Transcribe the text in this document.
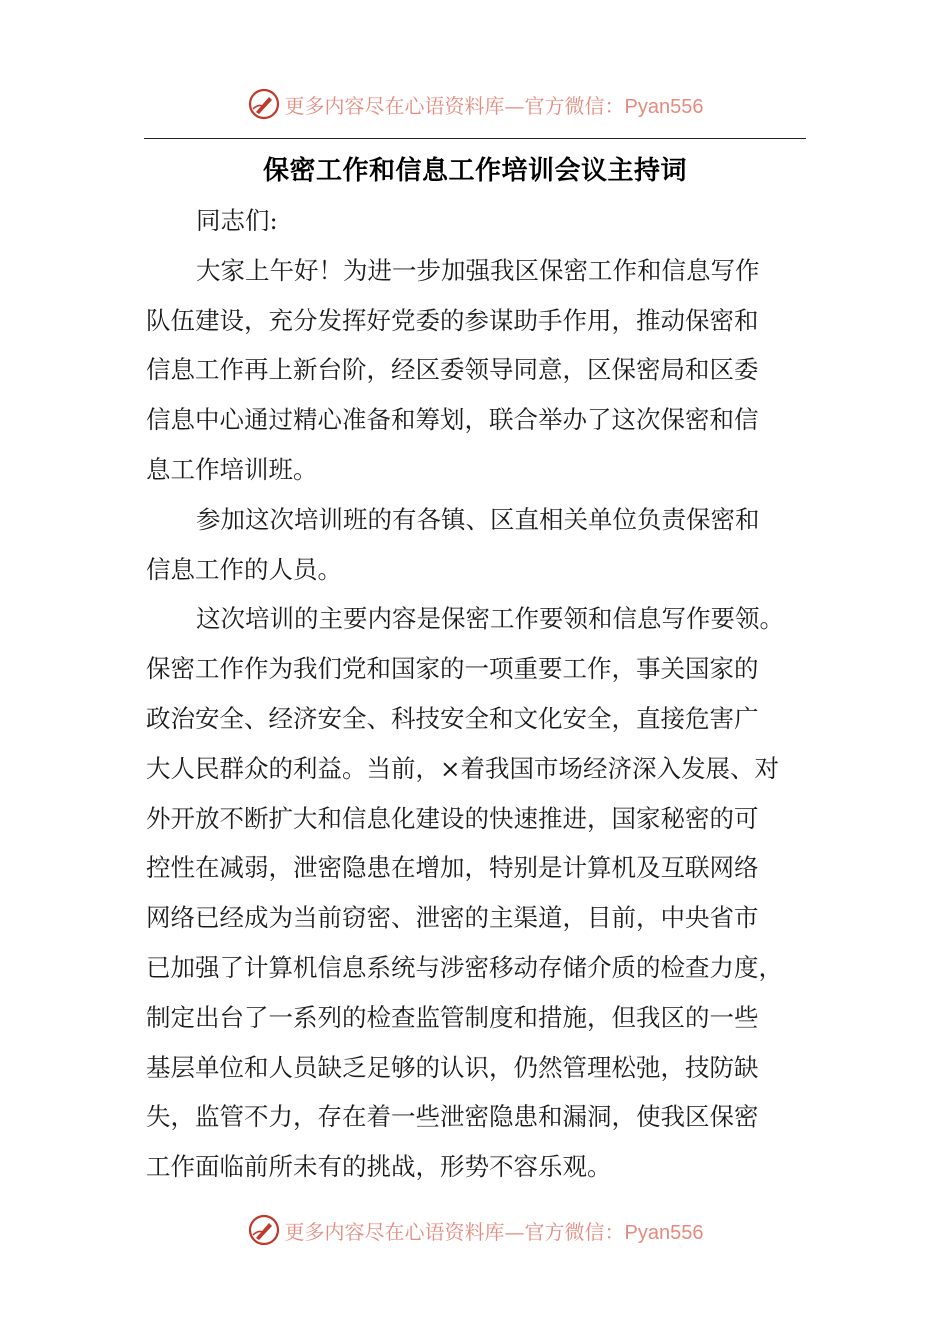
更多内容尽在心语资料库—官方微信：Pyan556
保密工作和信息工作培训会议主持词
同志们:

大家上午好！为进一步加强我区保密工作和信息写作
队伍建设，充分发挥好党委的参谋助手作用，推动保密和
信息工作再上新台阶，经区委领导同意，区保密局和区委
信息中心通过精心准备和筹划，联合举办了这次保密和信
息工作培训班。

参加这次培训班的有各镇、区直相关单位负责保密和
信息工作的人员。

这次培训的主要内容是保密工作要领和信息写作要领。
保密工作作为我们党和国家的一项重要工作，事关国家的
政治安全、经济安全、科技安全和文化安全，直接危害广
大人民群众的利益。当前，×着我国市场经济深入发展、对
外开放不断扩大和信息化建设的快速推进，国家秘密的可
控性在减弱，泄密隐患在增加，特别是计算机及互联网络
网络已经成为当前窃密、泄密的主渠道，目前，中央省市
已加强了计算机信息系统与涉密移动存储介质的检查力度，
制定出台了一系列的检查监管制度和措施，但我区的一些
基层单位和人员缺乏足够的认识，仍然管理松弛，技防缺
失，监管不力，存在着一些泄密隐患和漏洞，使我区保密
工作面临前所未有的挑战，形势不容乐观。

更多内容尽在心语资料库—官方微信：Pyan556
